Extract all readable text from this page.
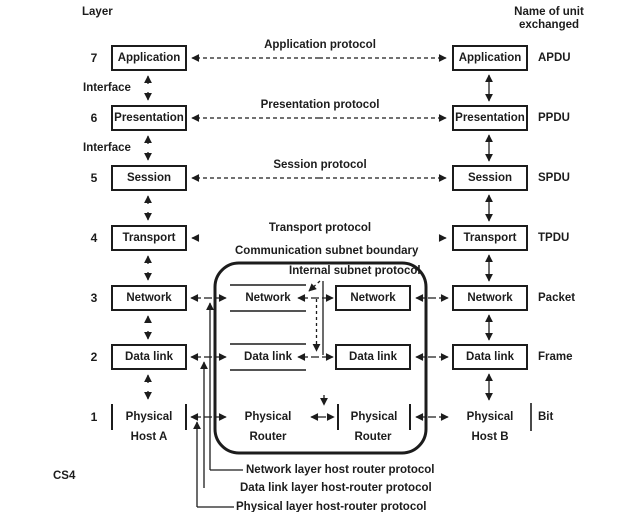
Layer	Name of unit
exchanged
7
6
5
4
3
2
1
Application
Presentation
Session
Transport
Network
Data link
Physical
Host A
Interface
Interface
Application
Presentation
Session
Transport
Network
Data link
Physical
Host B
APDU
PPDU
SPDU
TPDU
Packet
Frame
Bit
Application protocol
Presentation protocol
Session protocol
Transport protocol
Communication subnet boundary
Internal subnet protocol
Network
Data link
Physical
Router
Network
Data link
Physical
Router
Network layer host router protocol
Data link layer host-router protocol
Physical layer host-router protocol
CS4
